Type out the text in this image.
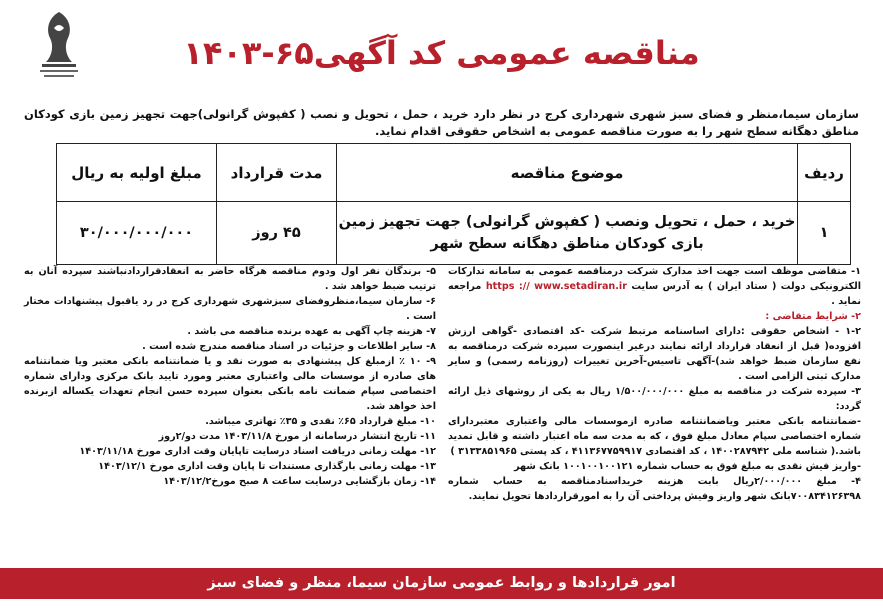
مناقصه عمومی کد آگهی۶۵-۱۴۰۳
سازمان سیما،منظر و فضای سبز شهری شهرداری کرج در نظر دارد خرید ، حمل ، تحویل و نصب ( کفپوش گرانولی)جهت تجهیز زمین بازی کودکان مناطق دهگانه سطح شهر را به صورت مناقصه عمومی به اشخاص حقوقی اقدام نماید.
ردیف	موضوع مناقصه	مدت قرارداد	مبلغ اولیه به ریال
۱	خرید ، حمل ، تحویل ونصب ( کفپوش گرانولی) جهت تجهیز زمین بازی کودکان مناطق دهگانه سطح شهر	۴۵ روز	۳۰/۰۰۰/۰۰۰/۰۰۰

۱- متقاضی موظف است جهت اخذ مدارک شرکت درمناقصه عمومی به سامانه تدارکات الکترونیکی دولت ( ستاد ایران ) به آدرس سایت https :// www.setadiran.ir مراجعه نماید .

۲- شرایط متقاضی :

۱-۲ - اشخاص حقوقی :دارای اساسنامه مرتبط شرکت -کد اقتصادی -گواهی ارزش افزوده( قبل از انعقاد قرارداد ارائه نمایند درغیر اینصورت سپرده شرکت درمناقصه به نفع سازمان ضبط خواهد شد)-آگهی تاسیس-آخرین تغییرات (روزنامه رسمی) و سایر مدارک ثبتی الزامی است .

۳- سپرده شرکت در مناقصه به مبلغ ۱/۵۰۰/۰۰۰/۰۰۰ ریال به یکی از روشهای ذیل ارائه گردد:

-ضمانتنامه بانکی معتبر وياضمانتنامه صادره ازموسسات مالی واعتباری معتبردارای شماره اختصاصی سپام معادل مبلغ فوق ، که به مدت سه ماه اعتبار داشته و قابل تمدید باشد.( شناسه ملی ۱۴۰۰۲۸۷۹۴۲ ، کد اقتصادی ۴۱۱۳۶۷۷۵۹۹۱۷ ، کد پستی ۳۱۳۳۸۵۱۹۶۵ )

-واریز فیش نقدی به مبلغ فوق به حساب شماره ۱۰۰۱۰۰۱۰۰۱۲۱ بانک شهر

۴- مبلغ ۲/۰۰۰/۰۰۰ریال بابت هزینه خریداسنادمناقصه به حساب شماره ۷۰۰۸۳۴۱۲۶۳۹۸بانک شهر واریز وفیش پرداختی آن را به امورقراردادها تحویل نمایند.

۵- برندگان نفر اول ودوم مناقصه هرگاه حاضر به انعقادقراردادنباشند سپرده آنان به ترتیب ضبط خواهد شد .

۶- سازمان سیما،منظروفضای سبزشهری شهرداری کرج در رد یاقبول پیشنهادات مختار است .

۷- هزینه چاپ آگهی به عهده برنده مناقصه می باشد .

۸- سایر اطلاعات و جزئیات در اسناد مناقصه مندرج شده است .

۹- ۱۰ ٪ ازمبلغ کل پیشنهادی به صورت نقد و یا ضمانتنامه بانکی معتبر ویا ضمانتنامه های صادره از موسسات مالی واعتباری معتبر ومورد تایید بانک مرکزی ودارای شماره اختصاصی سپام ضمانت نامه بانکی بعنوان سپرده حسن انجام تعهدات یکساله ازبرنده اخذ خواهد شد.

۱۰- مبلغ قرارداد ۶۵٪ نقدی و ۳۵٪ تهاتری میباشد.

۱۱- تاریخ انتشار درسامانه از مورخ ۱۴۰۳/۱۱/۸ مدت دو/۲روز

۱۲- مهلت زمانی دریافت اسناد درسایت تاپایان وقت اداری مورخ ۱۴۰۳/۱۱/۱۸

۱۳- مهلت زمانی بارگذاری مستندات تا پایان وقت اداری مورخ ۱۴۰۳/۱۲/۱

۱۴- زمان بازگشایی درسایت ساعت ۸ صبح مورخ۱۴۰۳/۱۲/۲

امور قراردادها و روابط عمومی سازمان سیما، منظر و فضای سبز
